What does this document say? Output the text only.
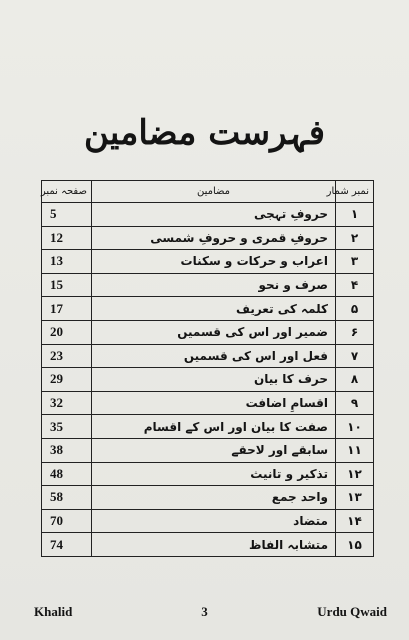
فہرست مضامین
نمبر شمار	مضامین	صفحہ نمبر
۱	حروفِ تہجی	5
۲	حروفِ قمری و حروفِ شمسی	12
۳	اعراب و حرکات و سکنات	13
۴	صرف و نحو	15
۵	کلمہ کی تعریف	17
۶	ضمیر اور اس کی قسمیں	20
۷	فعل اور اس کی قسمیں	23
۸	حرف کا بیان	29
۹	اقسامِ اضافت	32
۱۰	صفت کا بیان اور اس کے اقسام	35
۱۱	سابقے اور لاحقے	38
۱۲	تذکیر و تانیث	48
۱۳	واحد جمع	58
۱۴	متضاد	70
۱۵	متشابہ الفاظ	74
Khalid	3	Urdu Qwaid
